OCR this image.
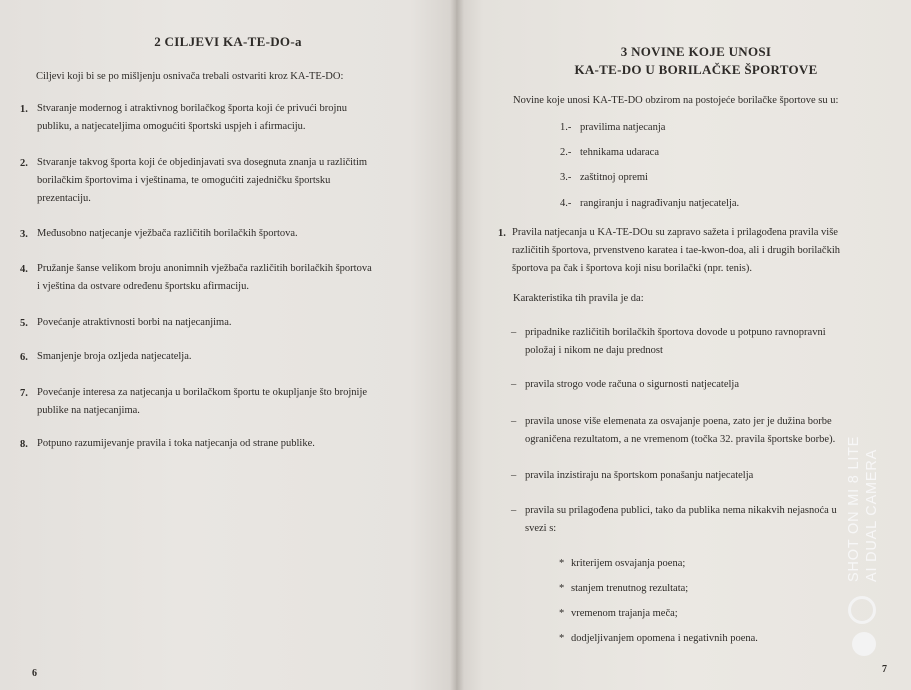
2 CILJEVI KA-TE-DO-a
Ciljevi koji bi se po mišljenju osnivača trebali ostvariti kroz KA-TE-DO:
1. Stvaranje modernog i atraktivnog borilačkog športa koji će privući brojnu
publiku, a natjecateljima omogućiti športski uspjeh i afirmaciju.
2. Stvaranje takvog športa koji će objedinjavati sva dosegnuta znanja u različitim
borilačkim športovima i vještinama, te omogućiti zajedničku športsku
prezentaciju.
3. Međusobno natjecanje vježbača različitih borilačkih športova.
4. Pružanje šanse velikom broju anonimnih vježbača različitih borilačkih športova
i vještina da ostvare određenu športsku afirmaciju.
5. Povećanje atraktivnosti borbi na natjecanjima.
6. Smanjenje broja ozljeda natjecatelja.
7. Povećanje interesa za natjecanja u borilačkom športu te okupljanje što brojnije
publike na natjecanjima.
8. Potpuno razumijevanje pravila i toka natjecanja od strane publike.
6
3 NOVINE KOJE UNOSI
KA-TE-DO U BORILAČKE ŠPORTOVE
Novine koje unosi KA-TE-DO obzirom na postojeće borilačke športove su u:
1.- pravilima natjecanja
2.- tehnikama udaraca
3.- zaštitnoj opremi
4.- rangiranju i nagrađivanju natjecatelja.
1. Pravila natjecanja u KA-TE-DOu su zapravo sažeta i prilagođena pravila više
različitih športova, prvenstveno karatea i tae-kwon-doa, ali i drugih borilačkih
športova pa čak i športova koji nisu borilački (npr. tenis).
Karakteristika tih pravila je da:
– pripadnike različitih borilačkih športova dovode u potpuno ravnopravni
položaj i nikom ne daju prednost
– pravila strogo vode računa o sigurnosti natjecatelja
– pravila unose više elemenata za osvajanje poena, zato jer je dužina borbe
ograničena rezultatom, a ne vremenom (točka 32. pravila športske borbe).
– pravila inzistiraju na športskom ponašanju natjecatelja
– pravila su prilagođena publici, tako da publika nema nikakvih nejasnoća u
svezi s:
* kriterijem osvajanja poena;
* stanjem trenutnog rezultata;
* vremenom trajanja meča;
* dodjeljivanjem opomena i negativnih poena.
7
SHOT ON MI 8 LITE AI DUAL CAMERA
